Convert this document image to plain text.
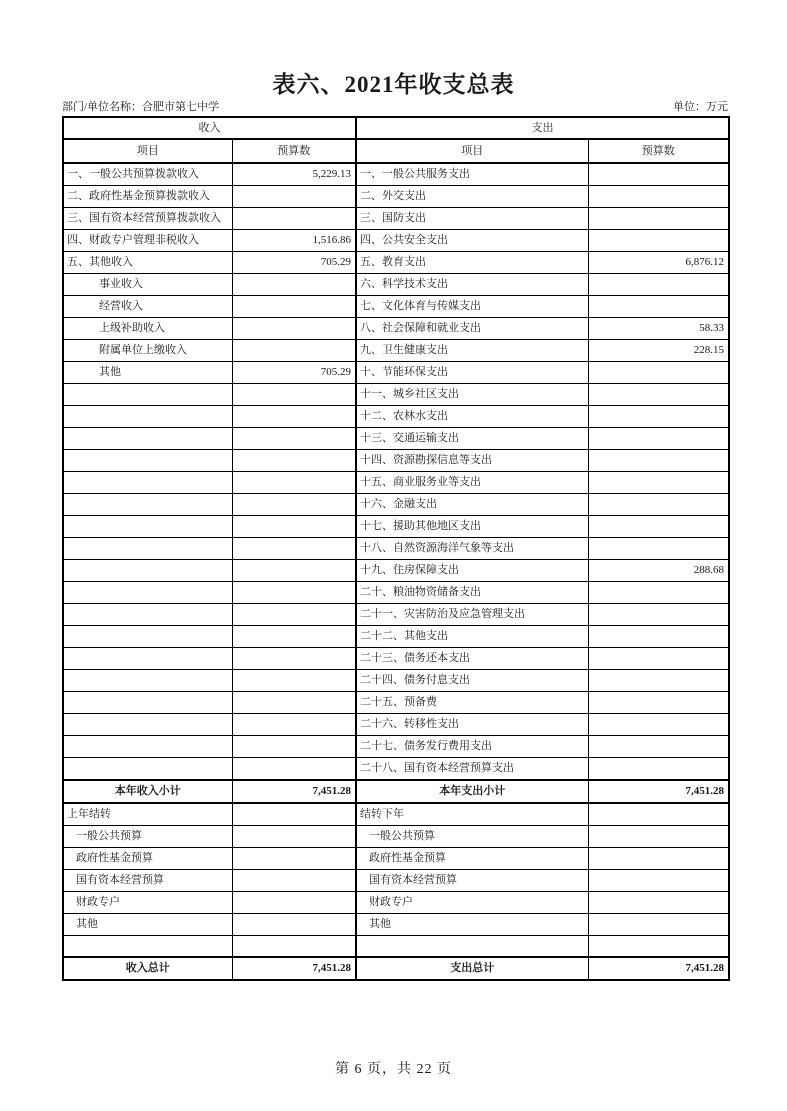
表六、2021年收支总表
部门/单位名称：合肥市第七中学	单位：万元
收入		支出	
项目	预算数	项目	预算数
一、一般公共预算拨款收入	5,229.13	一、一般公共服务支出	
二、政府性基金预算拨款收入		二、外交支出	
三、国有资本经营预算拨款收入		三、国防支出	
四、财政专户管理非税收入	1,516.86	四、公共安全支出	
五、其他收入	705.29	五、教育支出	6,876.12
事业收入		六、科学技术支出	
经营收入		七、文化体育与传媒支出	
上级补助收入		八、社会保障和就业支出	58.33
附属单位上缴收入		九、卫生健康支出	228.15
其他	705.29	十、节能环保支出	
		十一、城乡社区支出	
		十二、农林水支出	
		十三、交通运输支出	
		十四、资源勘探信息等支出	
		十五、商业服务业等支出	
		十六、金融支出	
		十七、援助其他地区支出	
		十八、自然资源海洋气象等支出	
		十九、住房保障支出	288.68
		二十、粮油物资储备支出	
		二十一、灾害防治及应急管理支出	
		二十二、其他支出	
		二十三、债务还本支出	
		二十四、债务付息支出	
		二十五、预备费	
		二十六、转移性支出	
		二十七、债务发行费用支出	
		二十八、国有资本经营预算支出	
本年收入小计	7,451.28	本年支出小计	7,451.28
上年结转		结转下年	
一般公共预算		一般公共预算	
政府性基金预算		政府性基金预算	
国有资本经营预算		国有资本经营预算	
财政专户		财政专户	
其他		其他	

收入总计	7,451.28	支出总计	7,451.28
第 6 页，共 22 页
